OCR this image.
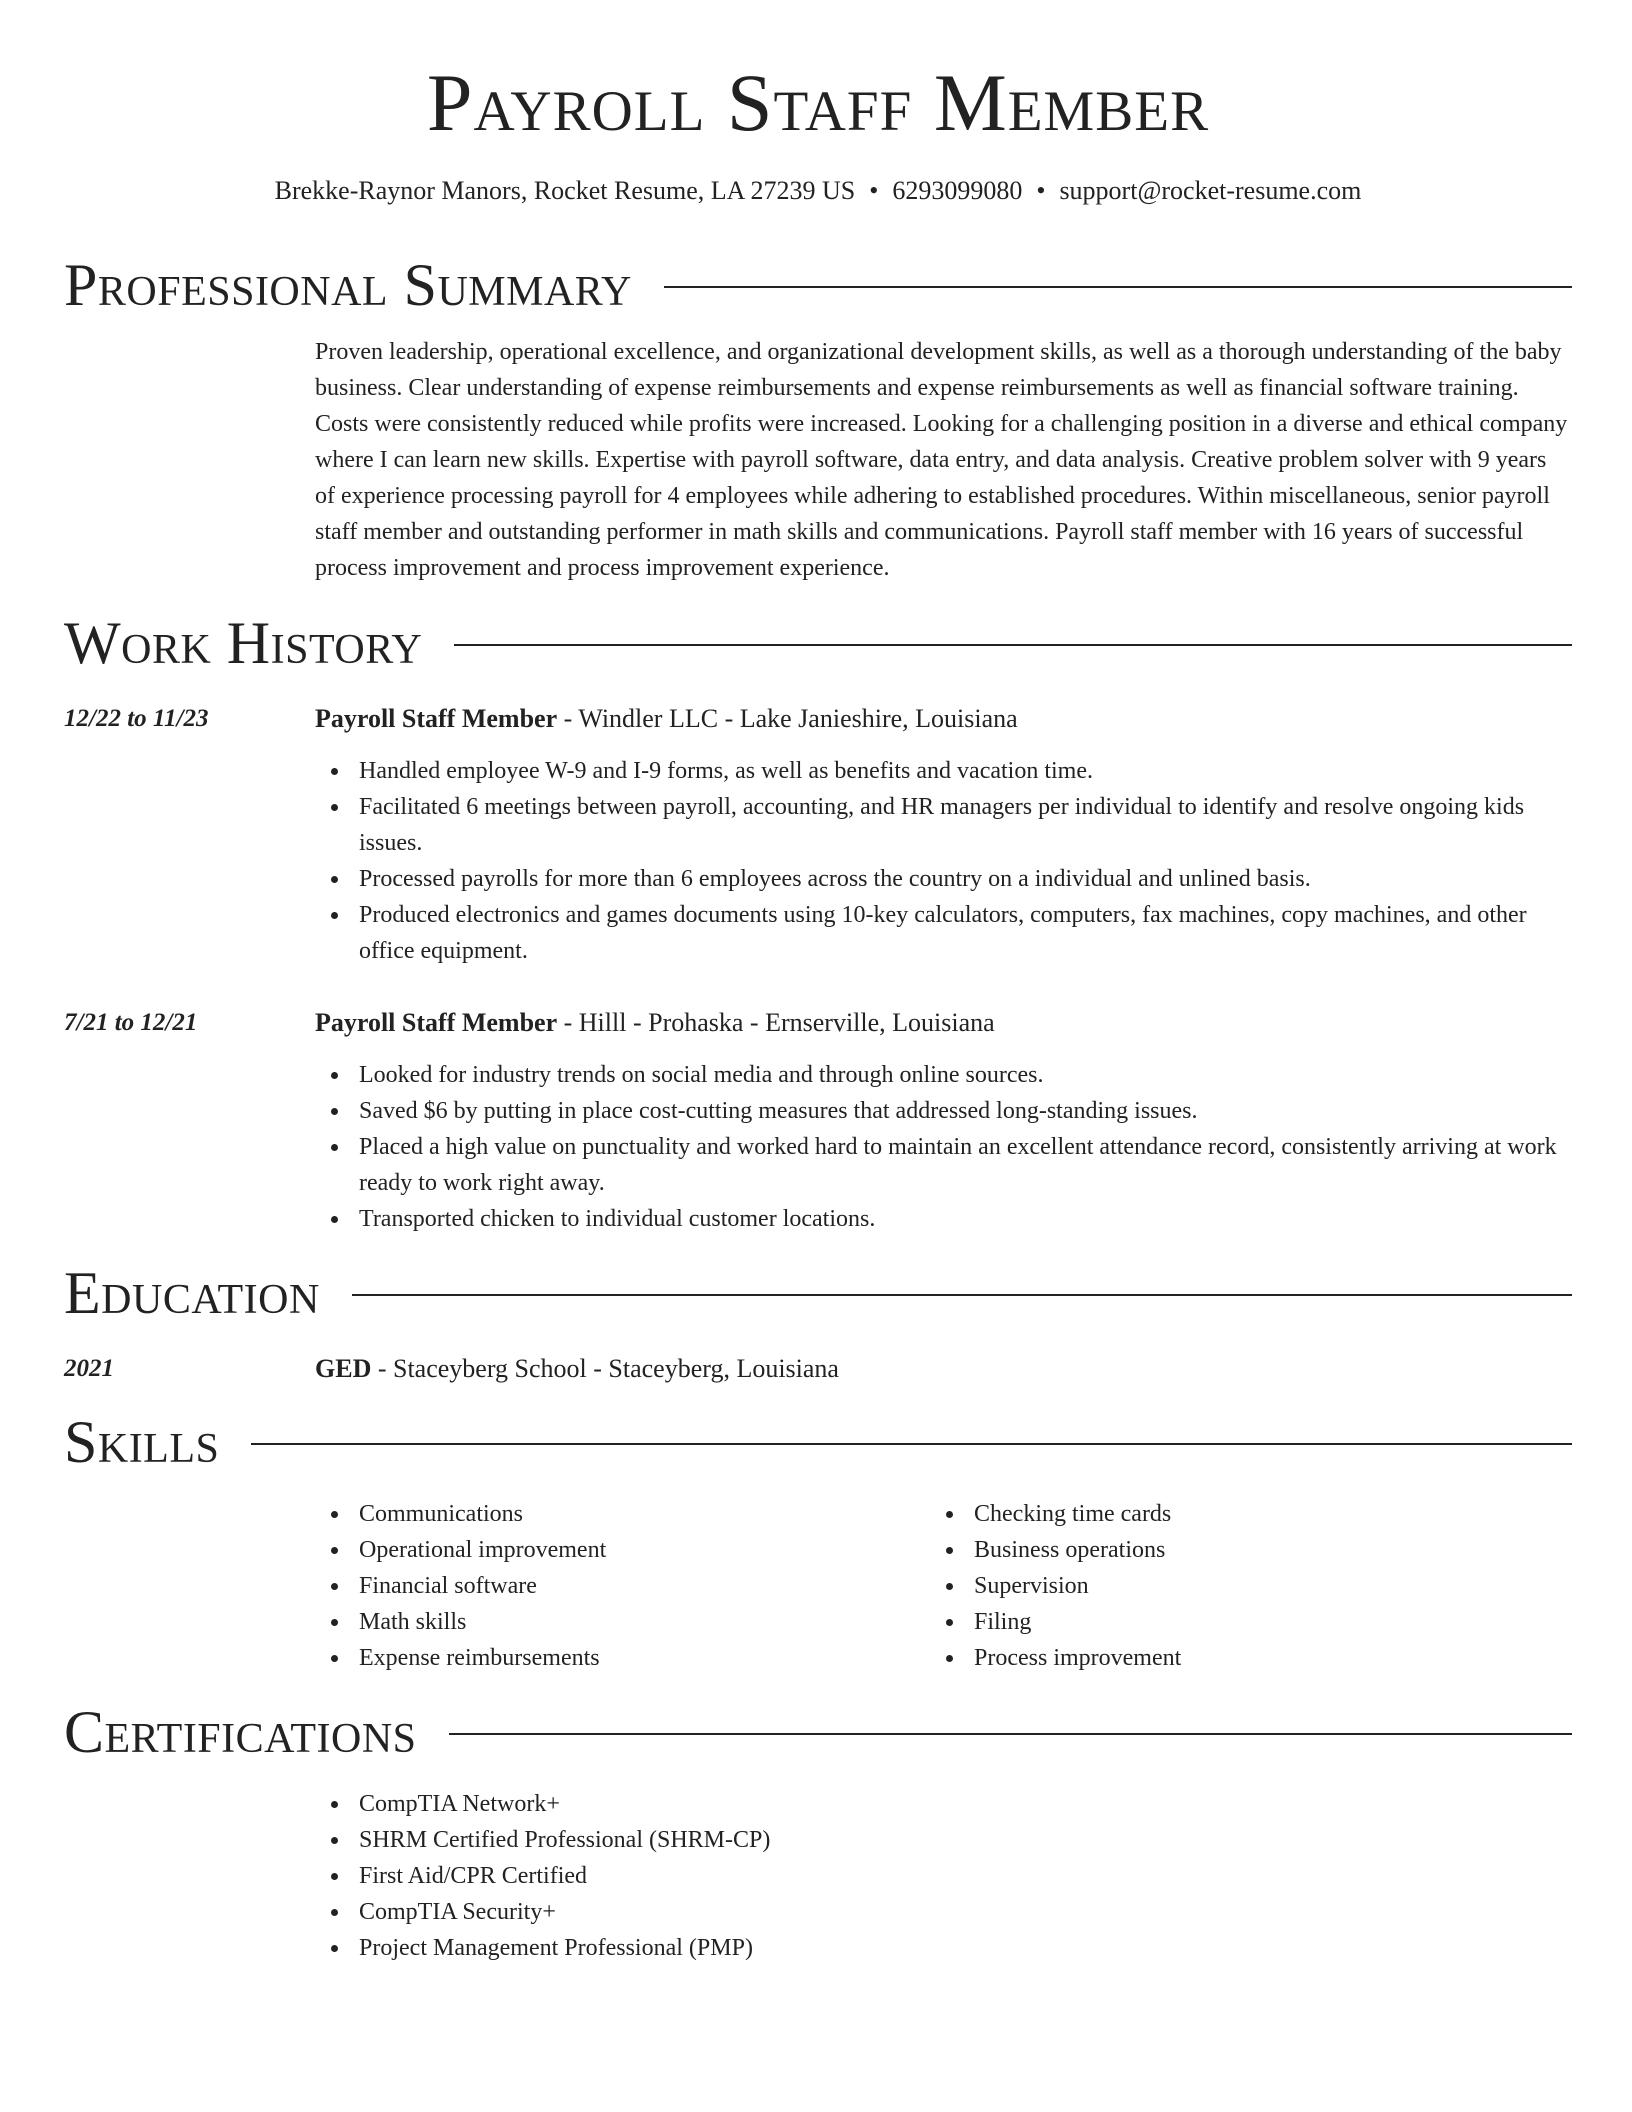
Payroll Staff Member
Brekke-Raynor Manors, Rocket Resume, LA 27239 US • 6293099080 • support@rocket-resume.com
Professional Summary

Proven leadership, operational excellence, and organizational development skills, as well as a thorough understanding of the baby business. Clear understanding of expense reimbursements and expense reimbursements as well as financial software training. Costs were consistently reduced while profits were increased. Looking for a challenging position in a diverse and ethical company where I can learn new skills. Expertise with payroll software, data entry, and data analysis. Creative problem solver with 9 years of experience processing payroll for 4 employees while adhering to established procedures. Within miscellaneous, senior payroll staff member and outstanding performer in math skills and communications. Payroll staff member with 16 years of successful process improvement and process improvement experience.

Work History
12/22 to 11/23	Payroll Staff Member - Windler LLC - Lake Janieshire, Louisiana
Handled employee W-9 and I-9 forms, as well as benefits and vacation time.
Facilitated 6 meetings between payroll, accounting, and HR managers per individual to identify and resolve ongoing kids issues.
Processed payrolls for more than 6 employees across the country on a individual and unlined basis.
Produced electronics and games documents using 10-key calculators, computers, fax machines, copy machines, and other office equipment.
7/21 to 12/21	Payroll Staff Member - Hilll - Prohaska - Ernserville, Louisiana
Looked for industry trends on social media and through online sources.
Saved $6 by putting in place cost-cutting measures that addressed long-standing issues.
Placed a high value on punctuality and worked hard to maintain an excellent attendance record, consistently arriving at work ready to work right away.
Transported chicken to individual customer locations.
Education
2021	GED - Staceyberg School - Staceyberg, Louisiana
Skills
Communications
Operational improvement
Financial software
Math skills
Expense reimbursements
Checking time cards
Business operations
Supervision
Filing
Process improvement
Certifications
CompTIA Network+
SHRM Certified Professional (SHRM-CP)
First Aid/CPR Certified
CompTIA Security+
Project Management Professional (PMP)
